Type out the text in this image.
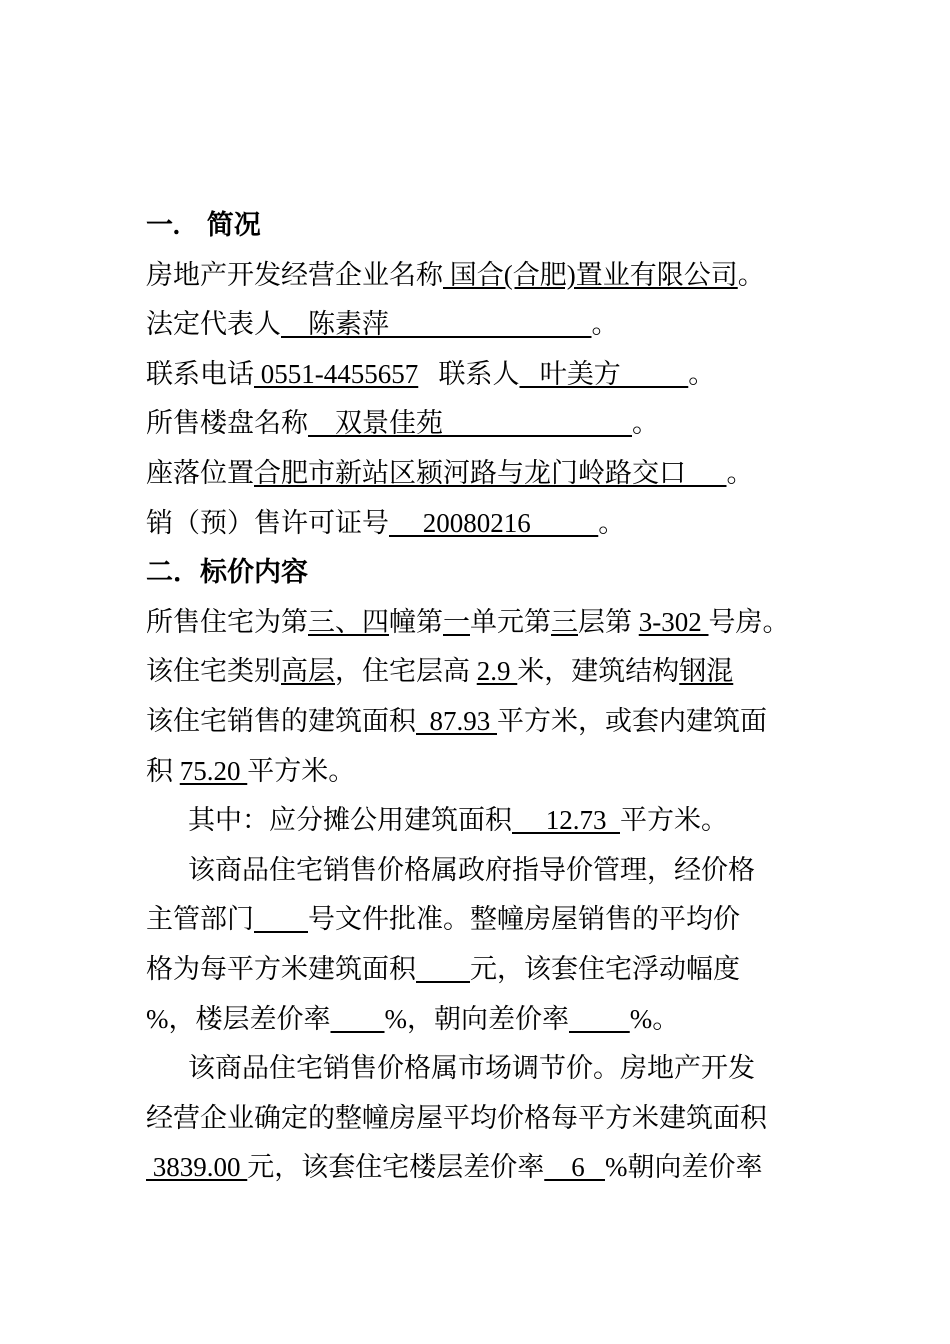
一.　简况
房地产开发经营企业名称 国合(合肥)置业有限公司。
法定代表人    陈素萍                              。
联系电话 0551-4455657   联系人   叶美方          。
所售楼盘名称    双景佳苑                            。
座落位置合肥市新站区颍河路与龙门岭路交口      。
销（预）售许可证号     20080216          。
二．标价内容
所售住宅为第三、四幢第一单元第三层第 3-302 号房。
该住宅类别高层，住宅层高 2.9 米，建筑结构钢混
该住宅销售的建筑面积  87.93 平方米，或套内建筑面
积 75.20 平方米。
其中：应分摊公用建筑面积     12.73  平方米。
该商品住宅销售价格属政府指导价管理，经价格
主管部门 号文件批准。整幢房屋销售的平均价
格为每平方米建筑面积 元，该套住宅浮动幅度
%，楼层差价率 %，朝向差价率 %。
该商品住宅销售价格属市场调节价。房地产开发
经营企业确定的整幢房屋平均价格每平方米建筑面积
3839.00 元，该套住宅楼层差价率    6   %朝向差价率
